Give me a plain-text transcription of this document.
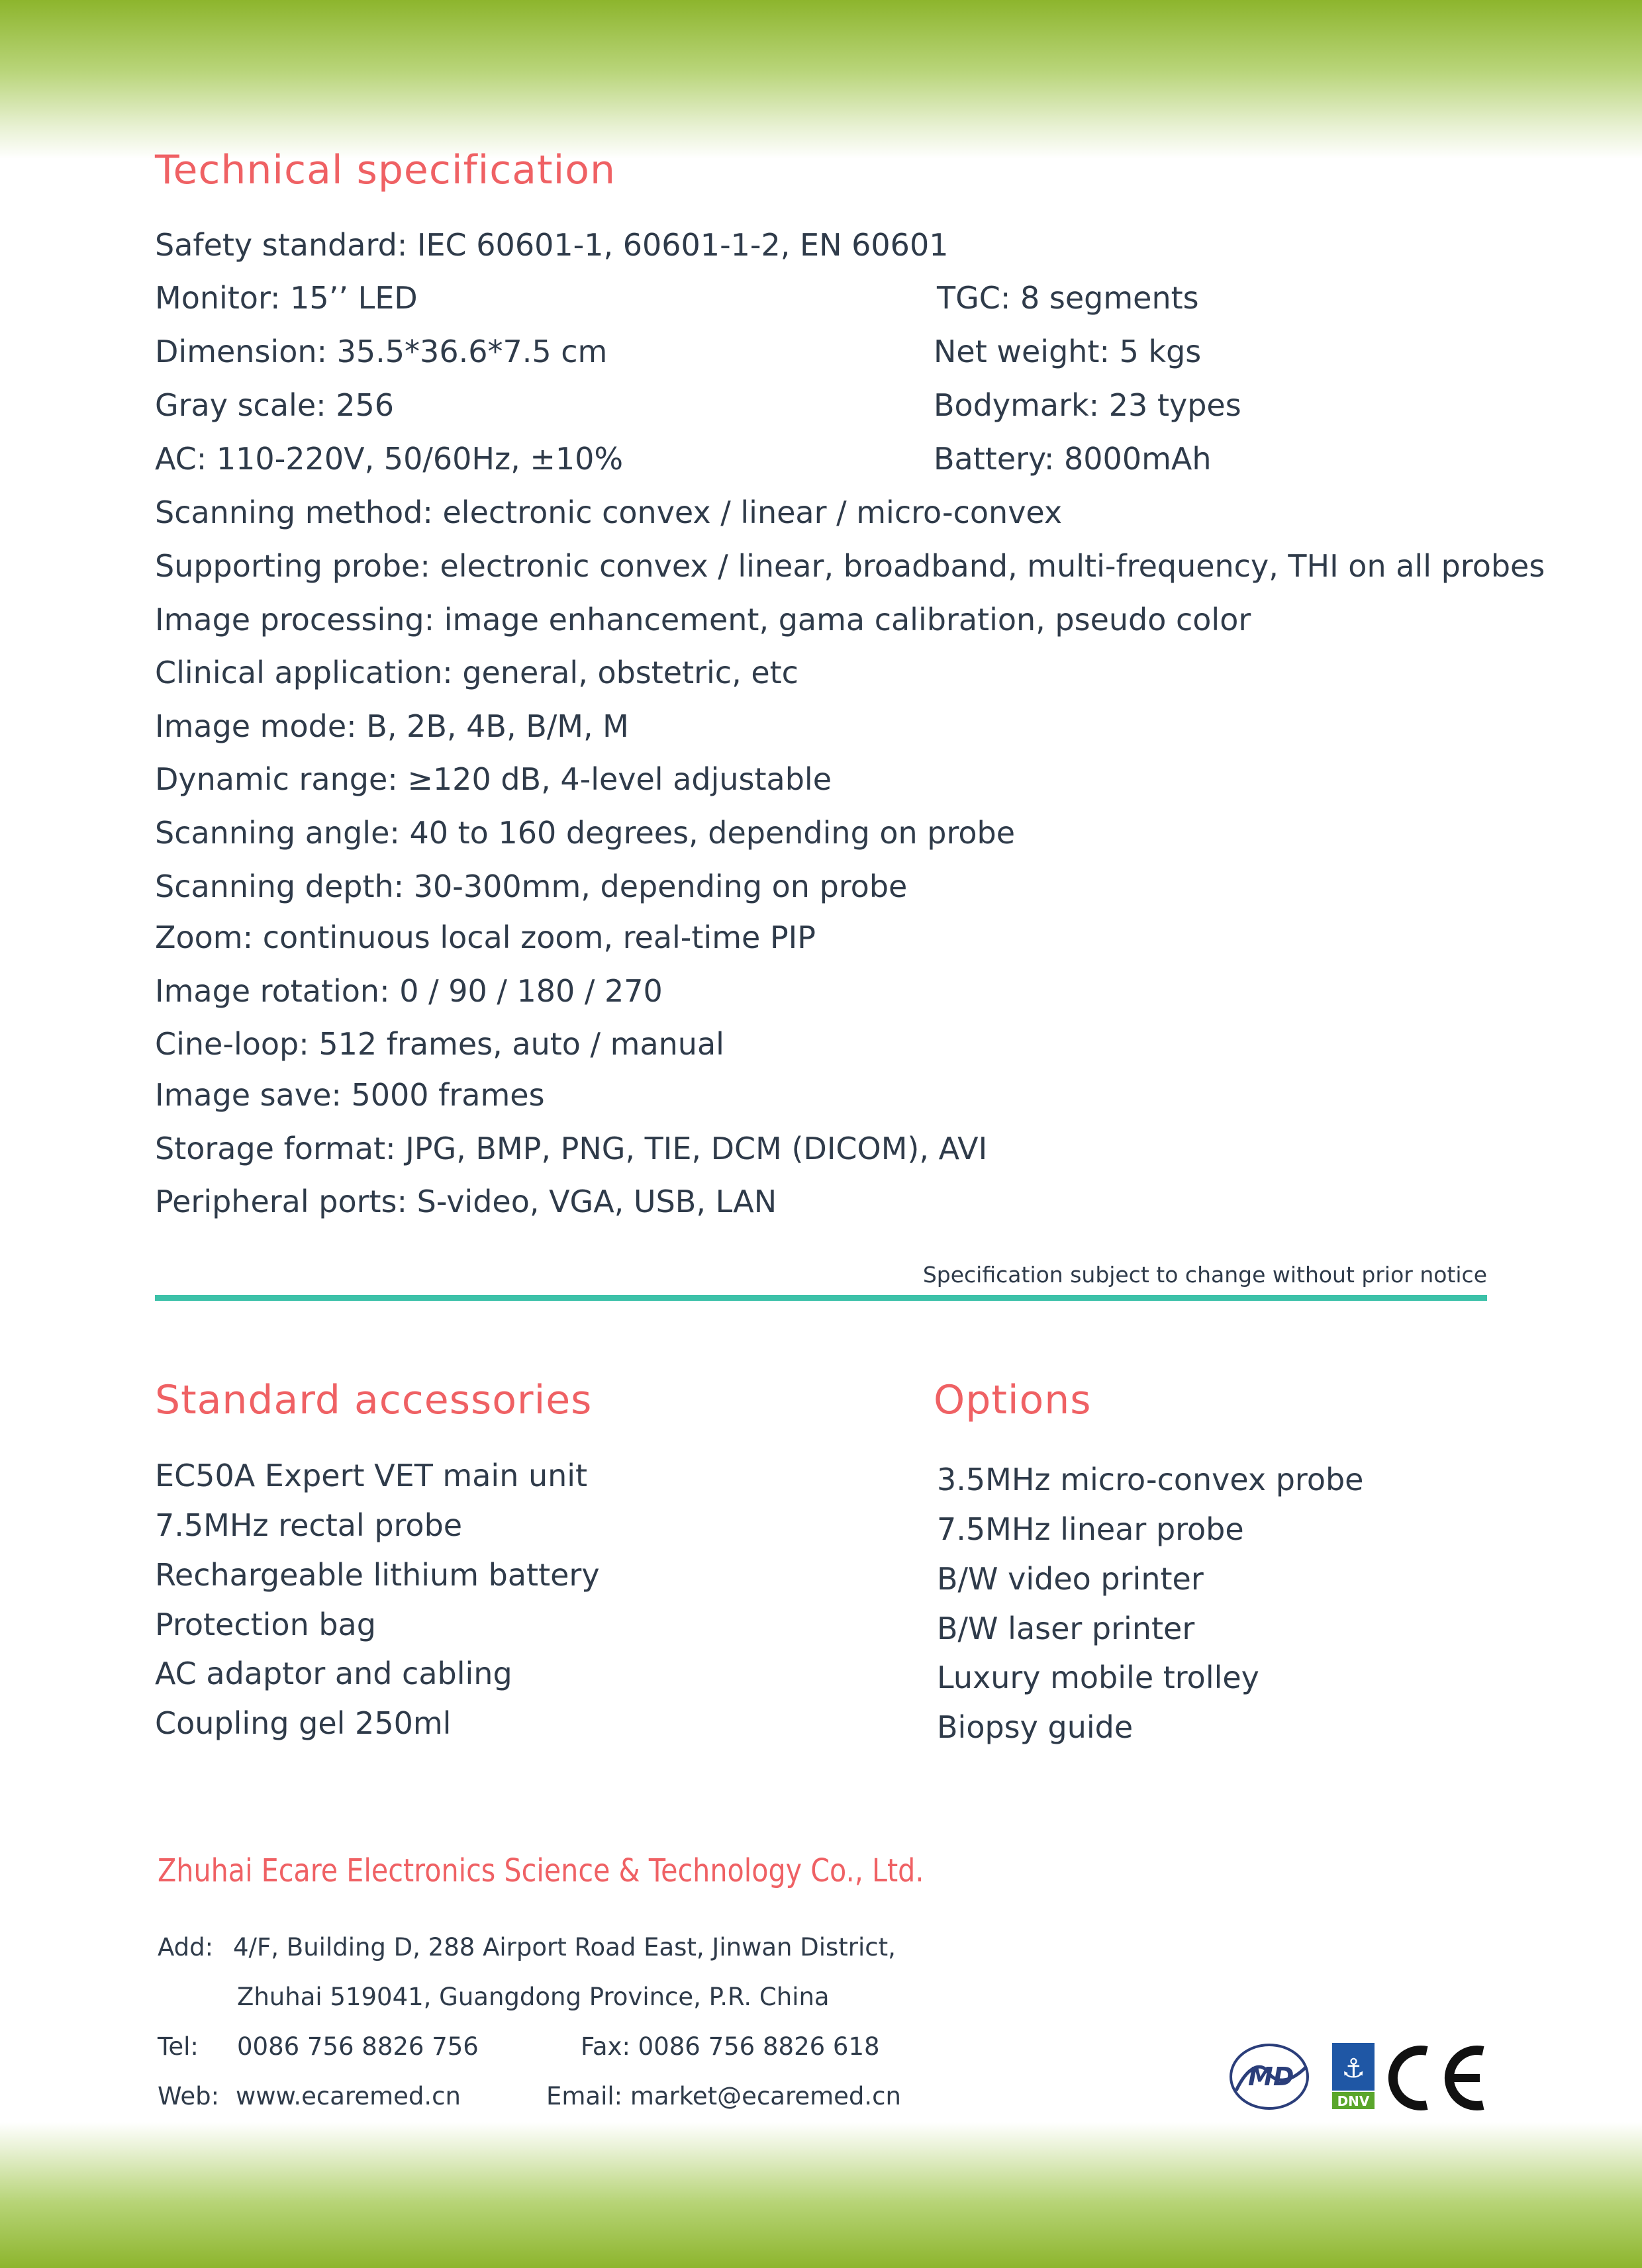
Technical specification
Safety standard: IEC 60601-1, 60601-1-2, EN 60601
Monitor: 15’’ LED	TGC: 8 segments
Dimension: 35.5*36.6*7.5 cm	Net weight: 5 kgs
Gray scale: 256	Bodymark: 23 types
AC: 110-220V, 50/60Hz, ±10%	Battery: 8000mAh
Scanning method: electronic convex / linear / micro-convex
Supporting probe: electronic convex / linear, broadband, multi-frequency, THI on all probes
Image processing: image enhancement, gama calibration, pseudo color
Clinical application: general, obstetric, etc
Image mode: B, 2B, 4B, B/M, M
Dynamic range: ≥120 dB, 4-level adjustable
Scanning angle: 40 to 160 degrees, depending on probe
Scanning depth: 30-300mm, depending on probe
Zoom: continuous local zoom, real-time PIP
Image rotation: 0 / 90 / 180 / 270
Cine-loop: 512 frames, auto / manual
Image save: 5000 frames
Storage format: JPG, BMP, PNG, TIE, DCM (DICOM), AVI
Peripheral ports: S-video, VGA, USB, LAN
Specification subject to change without prior notice
Standard accessories
EC50A Expert VET main unit
7.5MHz rectal probe
Rechargeable lithium battery
Protection bag
AC adaptor and cabling
Coupling gel 250ml
Options
3.5MHz micro-convex probe
7.5MHz linear probe
B/W video printer
B/W laser printer
Luxury mobile trolley
Biopsy guide
Zhuhai Ecare Electronics Science & Technology Co., Ltd.
Add: 4/F, Building D, 288 Airport Road East, Jinwan District,
Zhuhai 519041, Guangdong Province, P.R. China
Tel: 0086 756 8826 756	Fax: 0086 756 8826 618
Web: www.ecaremed.cn	Email: market@ecaremed.cn
MD ⚓
DNV
